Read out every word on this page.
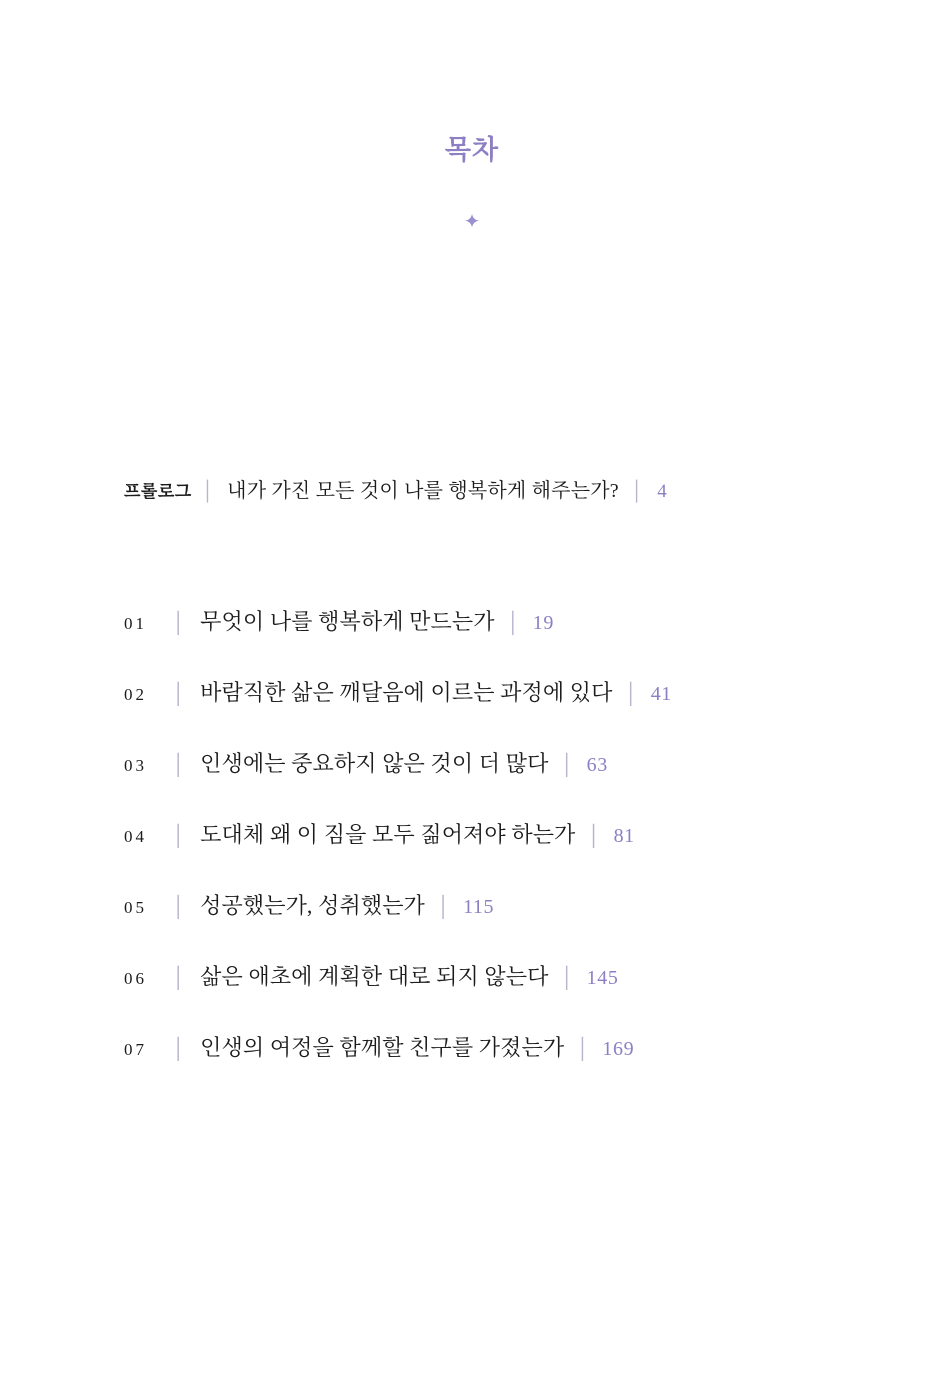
목차
✦
프롤로그 │ 내가 가진 모든 것이 나를 행복하게 해주는가? │ 4
01	│ 무엇이 나를 행복하게 만드는가 │ 19
02	│ 바람직한 삶은 깨달음에 이르는 과정에 있다 │ 41
03	│ 인생에는 중요하지 않은 것이 더 많다 │ 63
04	│ 도대체 왜 이 짐을 모두 짊어져야 하는가 │ 81
05	│ 성공했는가, 성취했는가 │ 115
06	│ 삶은 애초에 계획한 대로 되지 않는다 │ 145
07	│ 인생의 여정을 함께할 친구를 가졌는가 │ 169
